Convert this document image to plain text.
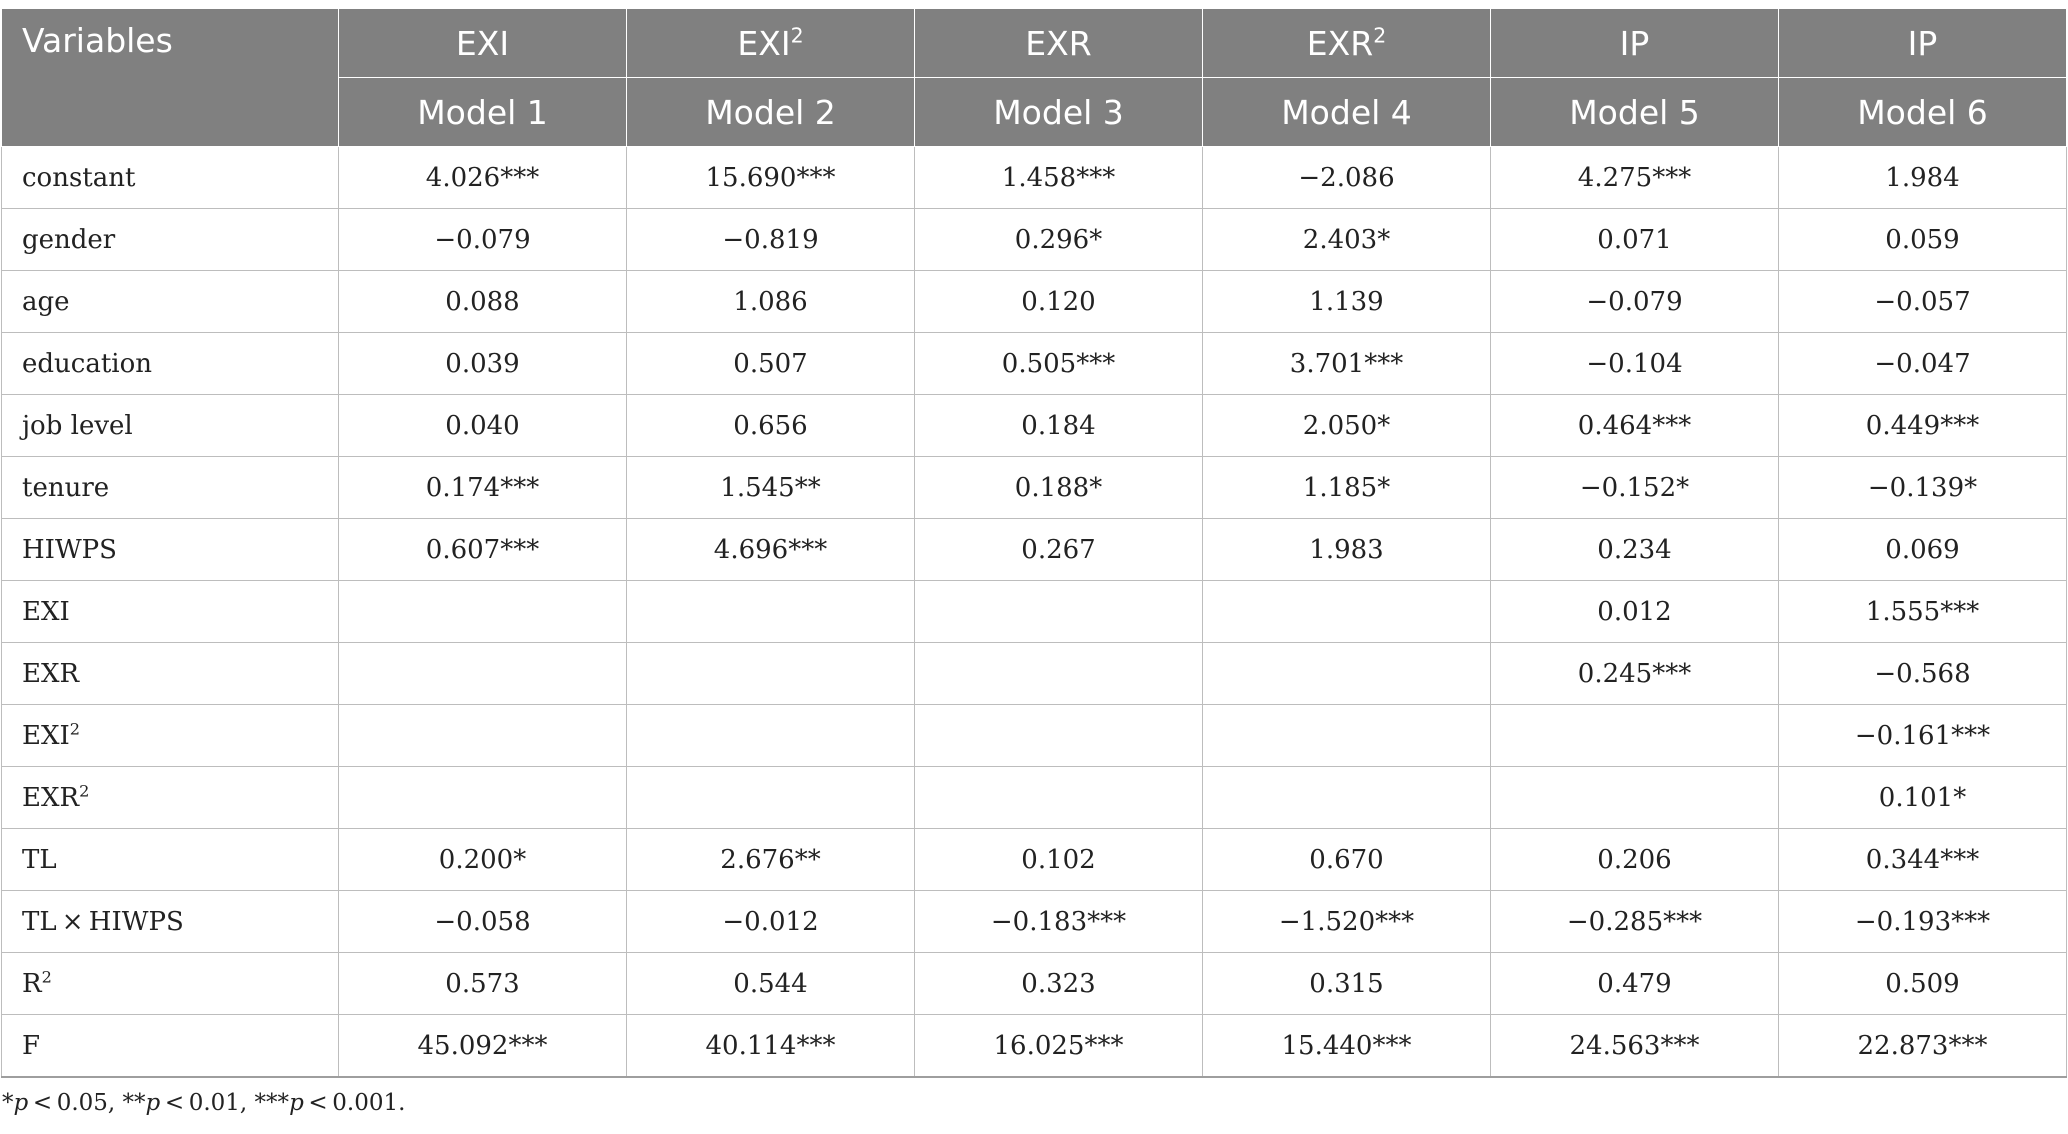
Variables	EXI	EXI$^2$	EXR	EXR$^2$	IP	IP
	Model 1	Model 2	Model 3	Model 4	Model 5	Model 6
constant	4.026***	15.690***	1.458***	−2.086	4.275***	1.984
gender	−0.079	−0.819	0.296*	2.403*	0.071	0.059
age	0.088	1.086	0.120	1.139	−0.079	−0.057
education	0.039	0.507	0.505***	3.701***	−0.104	−0.047
job level	0.040	0.656	0.184	2.050*	0.464***	0.449***
tenure	0.174***	1.545**	0.188*	1.185*	−0.152*	−0.139*
HIWPS	0.607***	4.696***	0.267	1.983	0.234	0.069
EXI					0.012	1.555***
EXR					0.245***	−0.568
EXI$^2$						−0.161***
EXR$^2$						0.101*
TL	0.200*	2.676**	0.102	0.670	0.206	0.344***
TL × HIWPS	−0.058	−0.012	−0.183***	−1.520***	−0.285***	−0.193***
$R^2$	0.573	0.544	0.323	0.315	0.479	0.509
F	45.092***	40.114***	16.025***	15.440***	24.563***	22.873***
*p < 0.05, **p < 0.01, ***p < 0.001.
